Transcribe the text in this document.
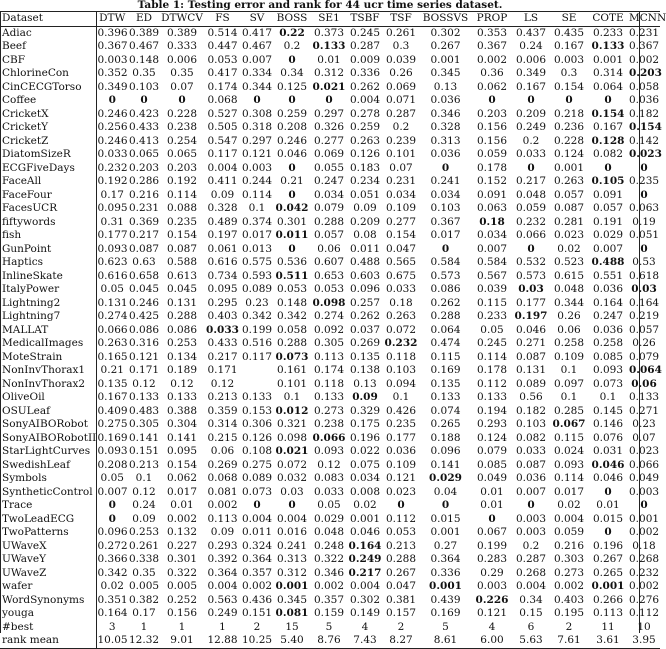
Table 1: Testing error and rank for 44 ucr time series dataset.
Dataset	DTW	ED	DTWCV	FS	SV	BOSS	SE1	TSBF	TSF	BOSSVS	PROP	LS	SE	COTE	MCNN
Adiac	0.396	0.389	0.389	0.514	0.417	0.22	0.373	0.245	0.261	0.302	0.353	0.437	0.435	0.233	0.231
Beef	0.367	0.467	0.333	0.447	0.467	0.2	0.133	0.287	0.3	0.267	0.367	0.24	0.167	0.133	0.367
CBF	0.003	0.148	0.006	0.053	0.007	0	0.01	0.009	0.039	0.001	0.002	0.006	0.003	0.001	0.002
ChlorineCon	0.352	0.35	0.35	0.417	0.334	0.34	0.312	0.336	0.26	0.345	0.36	0.349	0.3	0.314	0.203
CinCECGTorso	0.349	0.103	0.07	0.174	0.344	0.125	0.021	0.262	0.069	0.13	0.062	0.167	0.154	0.064	0.058
Coffee	0	0	0	0.068	0	0	0	0.004	0.071	0.036	0	0	0	0	0.036
CricketX	0.246	0.423	0.228	0.527	0.308	0.259	0.297	0.278	0.287	0.346	0.203	0.209	0.218	0.154	0.182
CricketY	0.256	0.433	0.238	0.505	0.318	0.208	0.326	0.259	0.2	0.328	0.156	0.249	0.236	0.167	0.154
CricketZ	0.246	0.413	0.254	0.547	0.297	0.246	0.277	0.263	0.239	0.313	0.156	0.2	0.228	0.128	0.142
DiatomSizeR	0.033	0.065	0.065	0.117	0.121	0.046	0.069	0.126	0.101	0.036	0.059	0.033	0.124	0.082	0.023
ECGFiveDays	0.232	0.203	0.203	0.004	0.003	0	0.055	0.183	0.07	0	0.178	0	0.001	0	0
FaceAll	0.192	0.286	0.192	0.411	0.244	0.21	0.247	0.234	0.231	0.241	0.152	0.217	0.263	0.105	0.235
FaceFour	0.17	0.216	0.114	0.09	0.114	0	0.034	0.051	0.034	0.034	0.091	0.048	0.057	0.091	0
FacesUCR	0.095	0.231	0.088	0.328	0.1	0.042	0.079	0.09	0.109	0.103	0.063	0.059	0.087	0.057	0.063
fiftywords	0.31	0.369	0.235	0.489	0.374	0.301	0.288	0.209	0.277	0.367	0.18	0.232	0.281	0.191	0.19
fish	0.177	0.217	0.154	0.197	0.017	0.011	0.057	0.08	0.154	0.017	0.034	0.066	0.023	0.029	0.051
GunPoint	0.093	0.087	0.087	0.061	0.013	0	0.06	0.011	0.047	0	0.007	0	0.02	0.007	0
Haptics	0.623	0.63	0.588	0.616	0.575	0.536	0.607	0.488	0.565	0.584	0.584	0.532	0.523	0.488	0.53
InlineSkate	0.616	0.658	0.613	0.734	0.593	0.511	0.653	0.603	0.675	0.573	0.567	0.573	0.615	0.551	0.618
ItalyPower	0.05	0.045	0.045	0.095	0.089	0.053	0.053	0.096	0.033	0.086	0.039	0.03	0.048	0.036	0.03
Lightning2	0.131	0.246	0.131	0.295	0.23	0.148	0.098	0.257	0.18	0.262	0.115	0.177	0.344	0.164	0.164
Lightning7	0.274	0.425	0.288	0.403	0.342	0.342	0.274	0.262	0.263	0.288	0.233	0.197	0.26	0.247	0.219
MALLAT	0.066	0.086	0.086	0.033	0.199	0.058	0.092	0.037	0.072	0.064	0.05	0.046	0.06	0.036	0.057
MedicalImages	0.263	0.316	0.253	0.433	0.516	0.288	0.305	0.269	0.232	0.474	0.245	0.271	0.258	0.258	0.26
MoteStrain	0.165	0.121	0.134	0.217	0.117	0.073	0.113	0.135	0.118	0.115	0.114	0.087	0.109	0.085	0.079
NonInvThorax1	0.21	0.171	0.189	0.171		0.161	0.174	0.138	0.103	0.169	0.178	0.131	0.1	0.093	0.064
NonInvThorax2	0.135	0.12	0.12	0.12		0.101	0.118	0.13	0.094	0.135	0.112	0.089	0.097	0.073	0.06
OliveOil	0.167	0.133	0.133	0.213	0.133	0.1	0.133	0.09	0.1	0.133	0.133	0.56	0.1	0.1	0.133
OSULeaf	0.409	0.483	0.388	0.359	0.153	0.012	0.273	0.329	0.426	0.074	0.194	0.182	0.285	0.145	0.271
SonyAIBORobot	0.275	0.305	0.304	0.314	0.306	0.321	0.238	0.175	0.235	0.265	0.293	0.103	0.067	0.146	0.23
SonyAIBORobotII	0.169	0.141	0.141	0.215	0.126	0.098	0.066	0.196	0.177	0.188	0.124	0.082	0.115	0.076	0.07
StarLightCurves	0.093	0.151	0.095	0.06	0.108	0.021	0.093	0.022	0.036	0.096	0.079	0.033	0.024	0.031	0.023
SwedishLeaf	0.208	0.213	0.154	0.269	0.275	0.072	0.12	0.075	0.109	0.141	0.085	0.087	0.093	0.046	0.066
Symbols	0.05	0.1	0.062	0.068	0.089	0.032	0.083	0.034	0.121	0.029	0.049	0.036	0.114	0.046	0.049
SyntheticControl	0.007	0.12	0.017	0.081	0.073	0.03	0.033	0.008	0.023	0.04	0.01	0.007	0.017	0	0.003
Trace	0	0.24	0.01	0.002	0	0	0.05	0.02	0	0	0.01	0	0.02	0.01	0
TwoLeadECG	0	0.09	0.002	0.113	0.004	0.004	0.029	0.001	0.112	0.015	0	0.003	0.004	0.015	0.001
TwoPatterns	0.096	0.253	0.132	0.09	0.011	0.016	0.048	0.046	0.053	0.001	0.067	0.003	0.059	0	0.002
UWaveX	0.272	0.261	0.227	0.293	0.324	0.241	0.248	0.164	0.213	0.27	0.199	0.2	0.216	0.196	0.18
UWaveY	0.366	0.338	0.301	0.392	0.364	0.313	0.322	0.249	0.288	0.364	0.283	0.287	0.303	0.267	0.268
UWaveZ	0.342	0.35	0.322	0.364	0.357	0.312	0.346	0.217	0.267	0.336	0.29	0.268	0.273	0.265	0.232
wafer	0.02	0.005	0.005	0.004	0.002	0.001	0.002	0.004	0.047	0.001	0.003	0.004	0.002	0.001	0.002
WordSynonyms	0.351	0.382	0.252	0.563	0.436	0.345	0.357	0.302	0.381	0.439	0.226	0.34	0.403	0.266	0.276
youga	0.164	0.17	0.156	0.249	0.151	0.081	0.159	0.149	0.157	0.169	0.121	0.15	0.195	0.113	0.112
#best	3	1	1	1	2	15	5	4	2	5	4	6	2	11	10
rank mean	10.05	12.32	9.01	12.88	10.25	5.40	8.76	7.43	8.27	8.61	6.00	5.63	7.61	3.61	3.95
